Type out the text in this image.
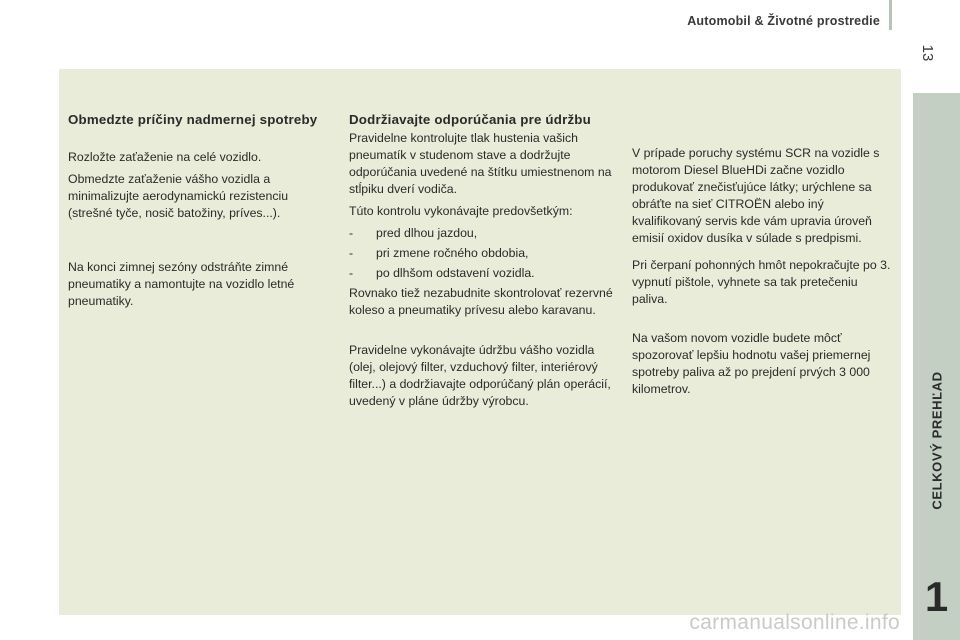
Automobil & Životné prostredie
13
CELKOVÝ PREHĽAD
1
Obmedzte príčiny nadmernej spotreby

Rozložte zaťaženie na celé vozidlo.

Obmedzte zaťaženie vášho vozidla a minimalizujte aerodynamickú rezistenciu (strešné tyče, nosič batožiny, príves...).

Na konci zimnej sezóny odstráňte zimné pneumatiky a namontujte na vozidlo letné pneumatiky.

Dodržiavajte odporúčania pre údržbu

Pravidelne kontrolujte tlak hustenia vašich pneumatík v studenom stave a dodržujte odporúčania uvedené na štítku umiestnenom na stĺpiku dverí vodiča.

Túto kontrolu vykonávajte predovšetkým:

- pred dlhou jazdou,
- pri zmene ročného obdobia,
- po dlhšom odstavení vozidla.

Rovnako tiež nezabudnite skontrolovať rezervné koleso a pneumatiky prívesu alebo karavanu.

Pravidelne vykonávajte údržbu vášho vozidla (olej, olejový filter, vzduchový filter, interiérový filter...) a dodržiavajte odporúčaný plán operácií, uvedený v pláne údržby výrobcu.

V prípade poruchy systému SCR na vozidle s motorom Diesel BlueHDi začne vozidlo produkovať znečisťujúce látky; urýchlene sa obráťte na sieť CITROËN alebo iný kvalifikovaný servis kde vám upravia úroveň emisií oxidov dusíka v súlade s predpismi.

Pri čerpaní pohonných hmôt nepokračujte po 3. vypnutí pištole, vyhnete sa tak pretečeniu paliva.

Na vašom novom vozidle budete môcť spozorovať lepšiu hodnotu vašej priemernej spotreby paliva až po prejdení prvých 3 000 kilometrov.

carmanualsonline.info
